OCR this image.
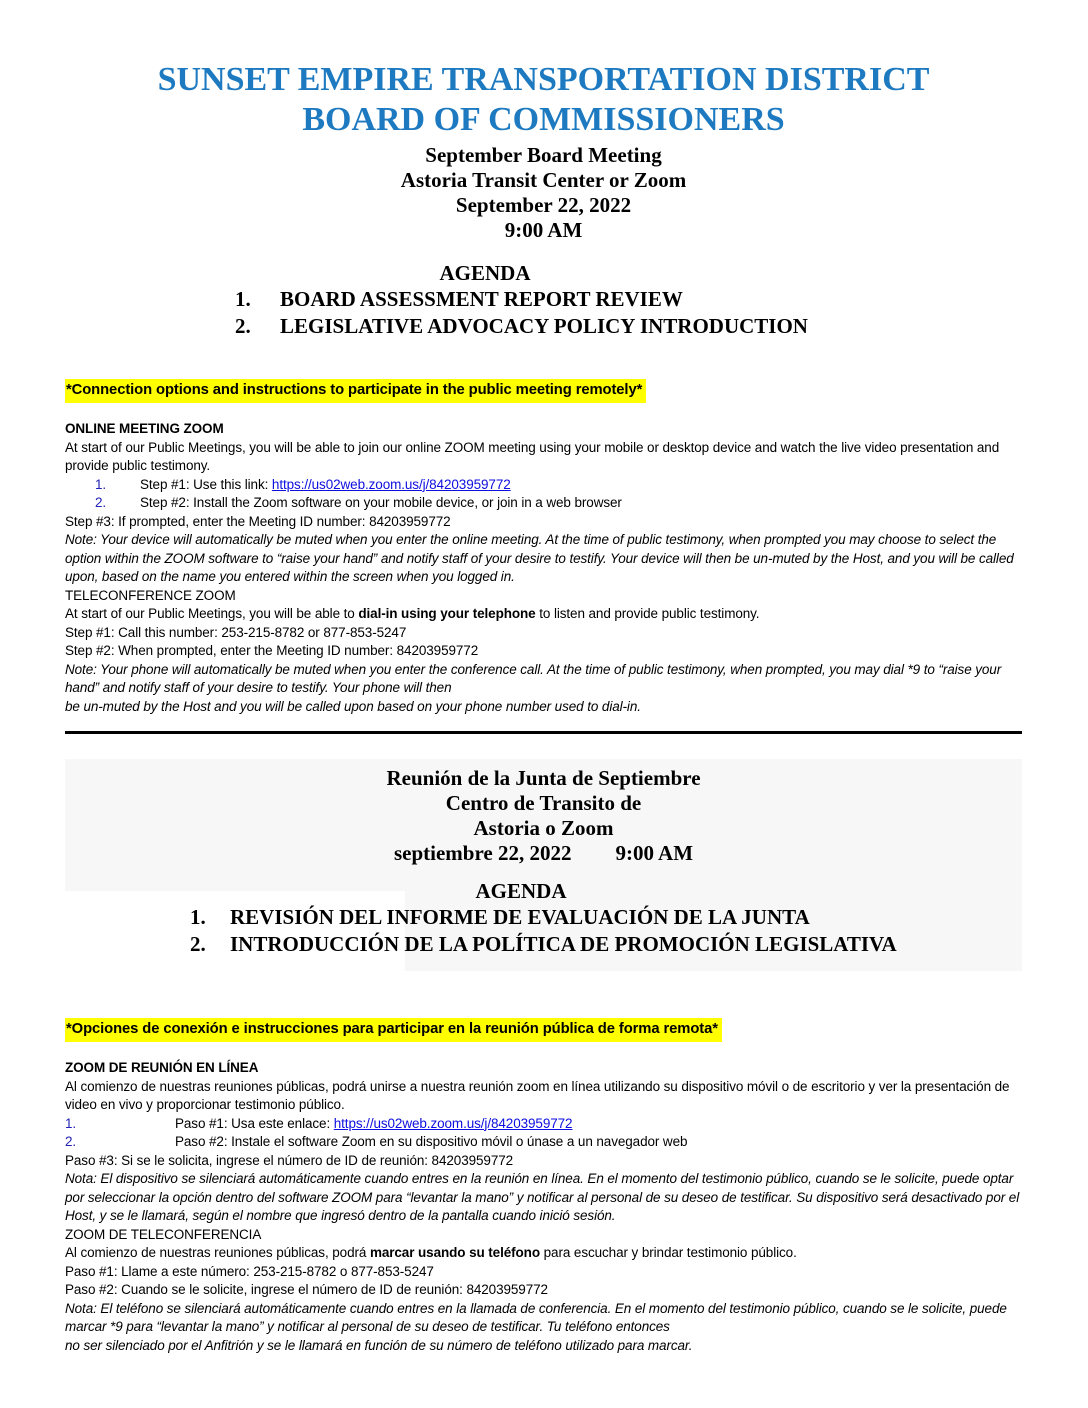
SUNSET EMPIRE TRANSPORTATION DISTRICT
BOARD OF COMMISSIONERS
September Board Meeting
Astoria Transit Center or Zoom
September 22, 2022
9:00 AM
AGENDA
1.	BOARD ASSESSMENT REPORT REVIEW
2.	LEGISLATIVE ADVOCACY POLICY INTRODUCTION
*Connection options and instructions to participate in the public meeting remotely*

ONLINE MEETING ZOOM

At start of our Public Meetings, you will be able to join our online ZOOM meeting using your mobile or desktop device and watch the live video presentation and provide public testimony.

1.	Step #1: Use this link: https://us02web.zoom.us/j/84203959772
2.	Step #2: Install the Zoom software on your mobile device, or join in a web browser

Step #3: If prompted, enter the Meeting ID number: 84203959772

Note: Your device will automatically be muted when you enter the online meeting. At the time of public testimony, when prompted you may choose to select the option within the ZOOM software to “raise your hand” and notify staff of your desire to testify. Your device will then be un-muted by the Host, and you will be called upon, based on the name you entered within the screen when you logged in.

TELECONFERENCE ZOOM

At start of our Public Meetings, you will be able to dial-in using your telephone to listen and provide public testimony.

Step #1: Call this number: 253-215-8782 or 877-853-5247

Step #2: When prompted, enter the Meeting ID number: 84203959772

Note: Your phone will automatically be muted when you enter the conference call. At the time of public testimony, when prompted, you may dial *9 to “raise your hand” and notify staff of your desire to testify. Your phone will then

be un-muted by the Host and you will be called upon based on your phone number used to dial-in.

Reunión de la Junta de Septiembre
Centro de Transito de
Astoria o Zoom
septiembre 22, 2022 9:00 AM
AGENDA
1.	REVISIÓN DEL INFORME DE EVALUACIÓN DE LA JUNTA
2.	INTRODUCCIÓN DE LA POLÍTICA DE PROMOCIÓN LEGISLATIVA
*Opciones de conexión e instrucciones para participar en la reunión pública de forma remota*

ZOOM DE REUNIÓN EN LÍNEA

Al comienzo de nuestras reuniones públicas, podrá unirse a nuestra reunión zoom en línea utilizando su dispositivo móvil o de escritorio y ver la presentación de video en vivo y proporcionar testimonio público.

1.	Paso #1: Usa este enlace: https://us02web.zoom.us/j/84203959772
2.	Paso #2: Instale el software Zoom en su dispositivo móvil o únase a un navegador web

Paso #3: Si se le solicita, ingrese el número de ID de reunión: 84203959772

Nota: El dispositivo se silenciará automáticamente cuando entres en la reunión en línea. En el momento del testimonio público, cuando se le solicite, puede optar por seleccionar la opción dentro del software ZOOM para “levantar la mano” y notificar al personal de su deseo de testificar. Su dispositivo será desactivado por el Host, y se le llamará, según el nombre que ingresó dentro de la pantalla cuando inició sesión.

ZOOM DE TELECONFERENCIA

Al comienzo de nuestras reuniones públicas, podrá marcar usando su teléfono para escuchar y brindar testimonio público.

Paso #1: Llame a este número: 253-215-8782 o 877-853-5247

Paso #2: Cuando se le solicite, ingrese el número de ID de reunión: 84203959772

Nota: El teléfono se silenciará automáticamente cuando entres en la llamada de conferencia. En el momento del testimonio público, cuando se le solicite, puede marcar *9 para “levantar la mano” y notificar al personal de su deseo de testificar. Tu teléfono entonces

no ser silenciado por el Anfitrión y se le llamará en función de su número de teléfono utilizado para marcar.
